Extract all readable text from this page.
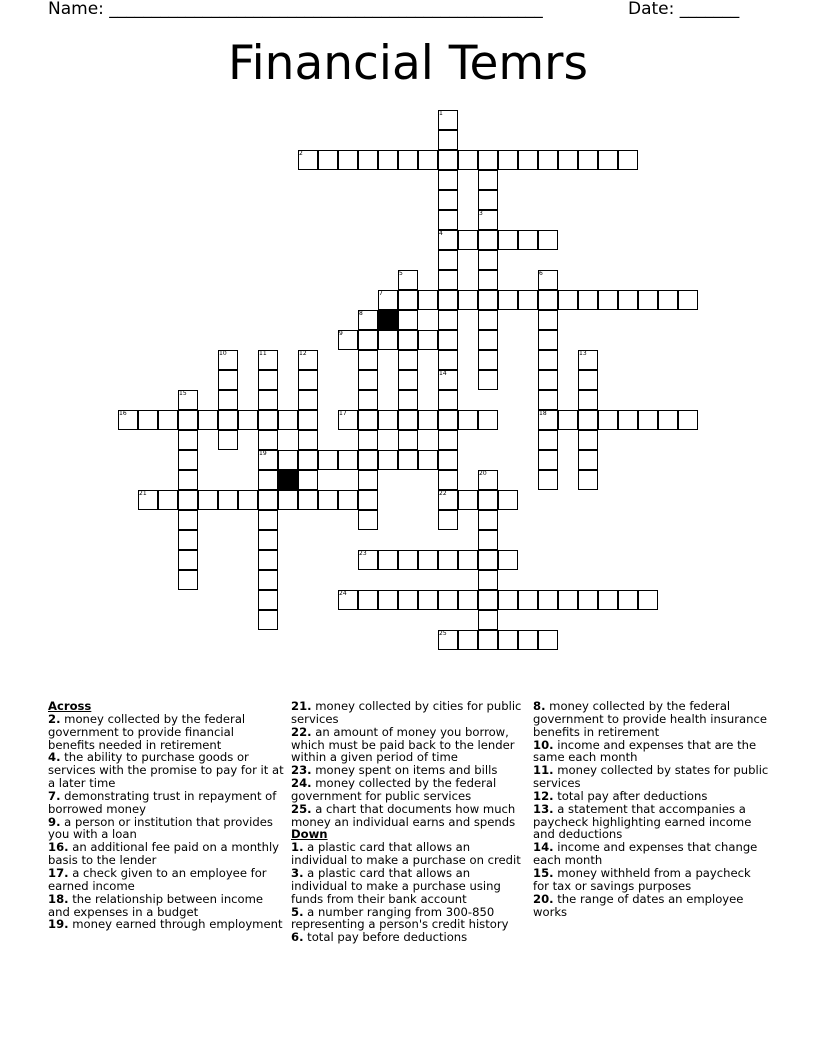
Name: ___________________________________________________	Date: _______
Financial Temrs
1
2
3
4
5	6
7
8
9
10	11	12	13
14
15
16	17	18
19
20
21	22
23
24
25
Across
2. money collected by the federal government to provide financial benefits needed in retirement
4. the ability to purchase goods or services with the promise to pay for it at a later time
7. demonstrating trust in repayment of borrowed money
9. a person or institution that provides you with a loan
16. an additional fee paid on a monthly basis to the lender
17. a check given to an employee for earned income
18. the relationship between income and expenses in a budget
19. money earned through employment
21. money collected by cities for public services
22. an amount of money you borrow, which must be paid back to the lender within a given period of time
23. money spent on items and bills
24. money collected by the federal government for public services
25. a chart that documents how much money an individual earns and spends
Down
1. a plastic card that allows an individual to make a purchase on credit
3. a plastic card that allows an individual to make a purchase using funds from their bank account
5. a number ranging from 300-850 representing a person's credit history
6. total pay before deductions
8. money collected by the federal government to provide health insurance benefits in retirement
10. income and expenses that are the same each month
11. money collected by states for public services
12. total pay after deductions
13. a statement that accompanies a paycheck highlighting earned income and deductions
14. income and expenses that change each month
15. money withheld from a paycheck for tax or savings purposes
20. the range of dates an employee works
